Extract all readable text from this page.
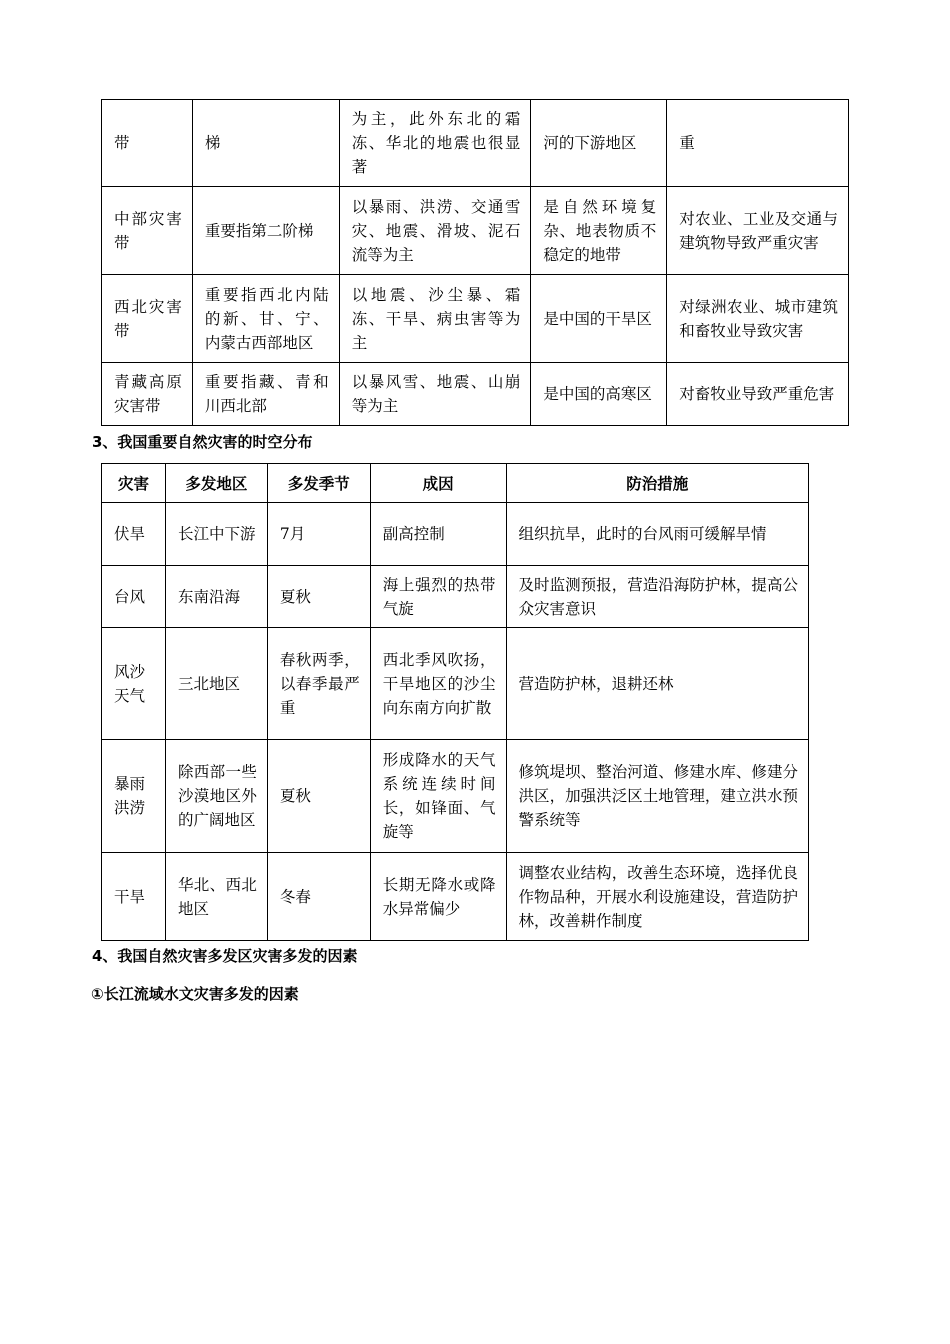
带	梯	为主，此外东北的霜冻、华北的地震也很显著	河的下游地区	重
中部灾害带	重要指第二阶梯	以暴雨、洪涝、交通雪灾、地震、滑坡、泥石流等为主	是自然环境复杂、地表物质不稳定的地带	对农业、工业及交通与建筑物导致严重灾害
西北灾害带	重要指西北内陆的新、甘、宁、内蒙古西部地区	以地震、沙尘暴、霜冻、干旱、病虫害等为主	是中国的干旱区	对绿洲农业、城市建筑和畜牧业导致灾害
青藏高原灾害带	重要指藏、青和川西北部	以暴风雪、地震、山崩等为主	是中国的高寒区	对畜牧业导致严重危害
3、我国重要自然灾害的时空分布
灾害	多发地区	多发季节	成因	防治措施
伏旱	长江中下游	7月	副高控制	组织抗旱，此时的台风雨可缓解旱情
台风	东南沿海	夏秋	海上强烈的热带气旋	及时监测预报，营造沿海防护林，提高公众灾害意识
风沙天气	三北地区	春秋两季，以春季最严重	西北季风吹扬，干旱地区的沙尘向东南方向扩散	营造防护林，退耕还林
暴雨洪涝	除西部一些沙漠地区外的广阔地区	夏秋	形成降水的天气系统连续时间长，如锋面、气旋等	修筑堤坝、整治河道、修建水库、修建分洪区，加强洪泛区土地管理，建立洪水预警系统等
干旱	华北、西北地区	冬春	长期无降水或降水异常偏少	调整农业结构，改善生态环境，选择优良作物品种，开展水利设施建设，营造防护林，改善耕作制度
4、我国自然灾害多发区灾害多发的因素
①长江流域水文灾害多发的因素
